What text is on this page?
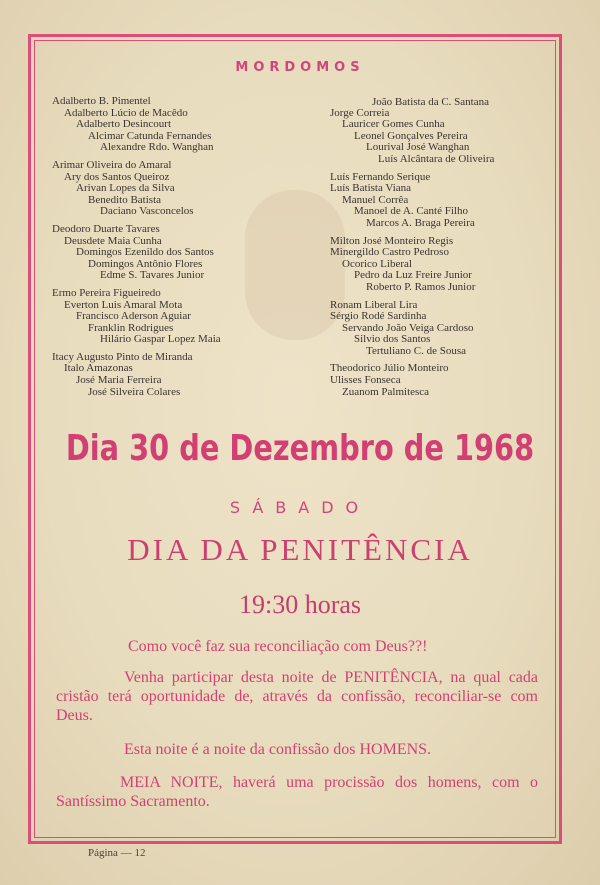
MORDOMOS
João Batista da C. Santana
Adalberto B. Pimentel
Adalberto Lúcio de Macêdo
Adalberto Desincourt
Alcimar Catunda Fernandes
Alexandre Rdo. Wanghan
Arimar Oliveira do Amaral
Ary dos Santos Queiroz
Arivan Lopes da Silva
Benedito Batista
Daciano Vasconcelos
Deodoro Duarte Tavares
Deusdete Maia Cunha
Domingos Ezenildo dos Santos
Domingos Antônio Flores
Edme S. Tavares Junior
Ermo Pereira Figueiredo
Everton Luis Amaral Mota
Francisco Aderson Aguiar
Franklin Rodrigues
Hilário Gaspar Lopez Maia
Itacy Augusto Pinto de Miranda
Italo Amazonas
José Maria Ferreira
José Silveira Colares
Jorge Correia
Lauricer Gomes Cunha
Leonel Gonçalves Pereira
Lourival José Wanghan
Luís Alcântara de Oliveira
Luís Fernando Serique
Luís Batista Viana
Manuel Corrêa
Manoel de A. Canté Filho
Marcos A. Braga Pereira
Milton José Monteiro Regis
Minergildo Castro Pedroso
Ocorico Liberal
Pedro da Luz Freire Junior
Roberto P. Ramos Junior
Ronam Liberal Lira
Sérgio Rodé Sardinha
Servando João Veiga Cardoso
Silvio dos Santos
Tertuliano C. de Sousa
Theodorico Júlio Monteiro
Ulisses Fonseca
Zuanom Palmitesca
Dia 30 de Dezembro de 1968
SÁBADO
DIA DA PENITÊNCIA
19:30 horas
Como você faz sua reconciliação com Deus??!
Venha participar desta noite de PENITÊNCIA, na qual cada cristão terá oportunidade de, através da confissão, reconciliar-se com Deus.
Esta noite é a noite da confissão dos HOMENS.
MEIA NOITE, haverá uma procissão dos homens, com o Santíssimo Sacramento.
Página — 12
